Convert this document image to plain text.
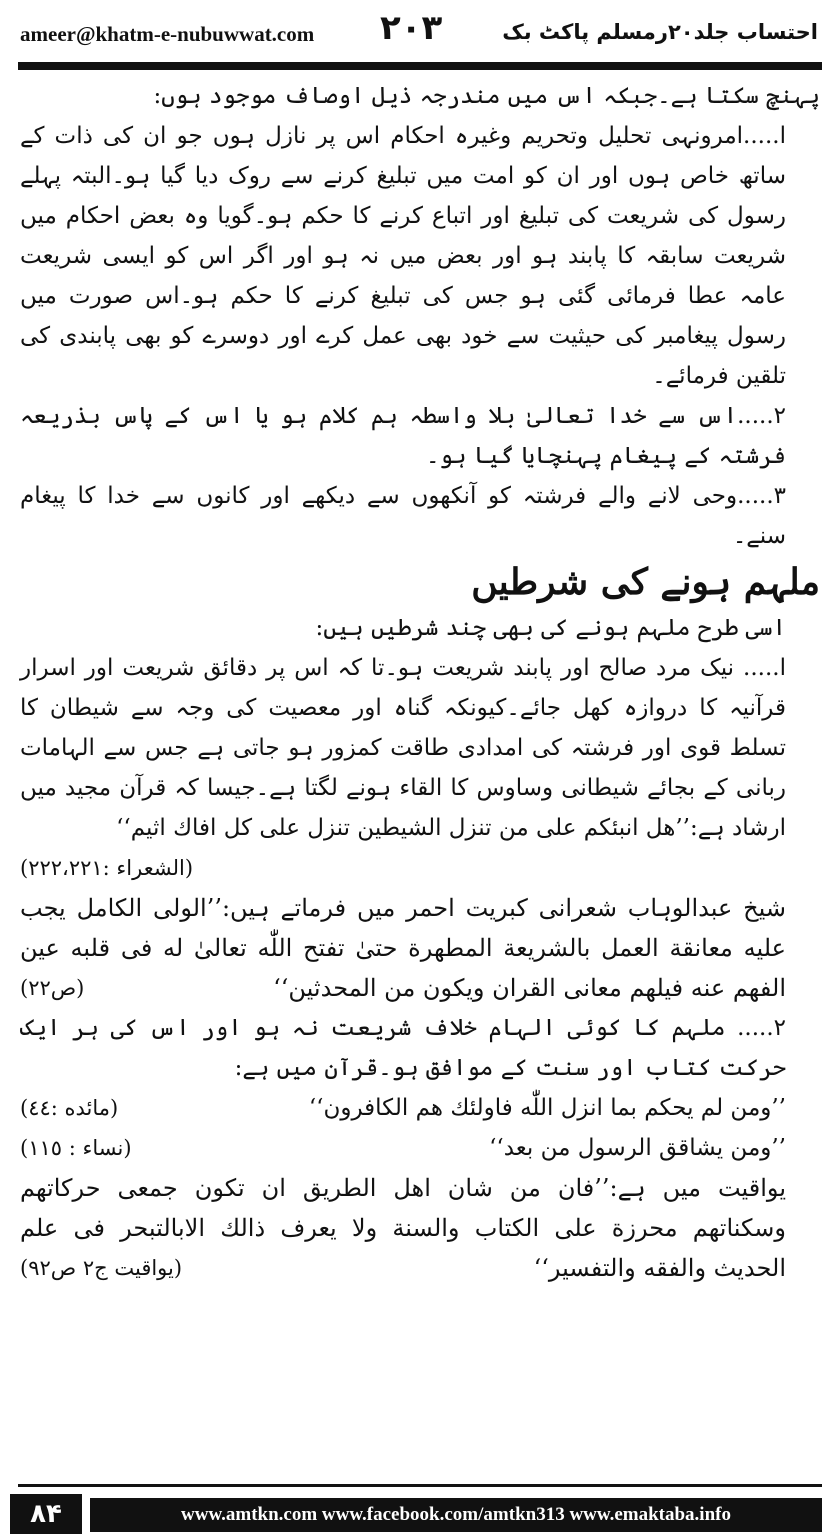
ameer@khatm-e-nubuwwat.com ۲۰۳	احتساب جلد۲۰رمسلم پاکٹ بک

پہنچ سکتا ہے۔جبکہ اس میں مندرجہ ذیل اوصاف موجود ہوں:

ا.....امرونہی تحلیل وتحریم وغیرہ احکام اس پر نازل ہوں جو ان کی ذات کے ساتھ خاص ہوں اور ان کو امت میں تبلیغ کرنے سے روک دیا گیا ہو۔البتہ پہلے رسول کی شریعت کی تبلیغ اور اتباع کرنے کا حکم ہو۔گویا وہ بعض احکام میں شریعت سابقہ کا پابند ہو اور بعض میں نہ ہو اور اگر اس کو ایسی شریعت عامہ عطا فرمائی گئی ہو جس کی تبلیغ کرنے کا حکم ہو۔اس صورت میں رسول پیغامبر کی حیثیت سے خود بھی عمل کرے اور دوسرے کو بھی پابندی کی تلقین فرمائے۔

۲.....اس سے خدا تعالیٰ بلا واسطہ ہم کلام ہو یا اس کے پاس بذریعہ فرشتہ کے پیغام پہنچایا گیا ہو۔

۳.....وحی لانے والے فرشتہ کو آنکھوں سے دیکھے اور کانوں سے خدا کا پیغام سنے۔

ملہم ہونے کی شرطیں

اسی طرح ملہم ہونے کی بھی چند شرطیں ہیں:

ا..... نیک مرد صالح اور پابند شریعت ہو۔تا کہ اس پر دقائق شریعت اور اسرار قرآنیہ کا دروازہ کھل جائے۔کیونکہ گناہ اور معصیت کی وجہ سے شیطان کا تسلط قوی اور فرشتہ کی امدادی طاقت کمزور ہو جاتی ہے جس سے الہامات ربانی کے بجائے شیطانی وساوس کا القاء ہونے لگتا ہے۔جیسا کہ قرآن مجید میں ارشاد ہے:’’هل انبئكم على من تنزل الشيطين تنزل على كل افاك اثيم‘‘
(الشعراء :۲۲۲،۲۲۱)

شیخ عبدالوہاب شعرانی کبریت احمر میں فرماتے ہیں:’’الولى الكامل يجب عليه معانقة العمل بالشريعة المطهرة حتىٰ تفتح اللّٰه تعالىٰ له فى قلبه عين الفهم عنه فيلهم معانى القران ويكون من المحدثين‘‘
(ص۲۲)

۲..... ملہم کا کوئی الہام خلاف شریعت نہ ہو اور اس کی ہر ایک حرکت کتاب اور سنت کے موافق ہو۔قرآن میں ہے:

’’ومن لم يحكم بما انزل اللّٰه فاولئك هم الكافرون‘‘
(مائده :٤٤)

’’ومن يشاقق الرسول من بعد‘‘
(نساء : ١١٥)

یواقیت میں ہے:’’فان من شان اهل الطريق ان تكون جمعى حركاتهم وسكناتهم محرزة على الكتاب والسنة ولا يعرف ذالك الابالتبحر فى علم الحديث والفقه والتفسير‘‘
(يواقيت ج۲ ص۹۲)

۸۴	www.amtkn.com www.facebook.com/amtkn313 www.emaktaba.info
